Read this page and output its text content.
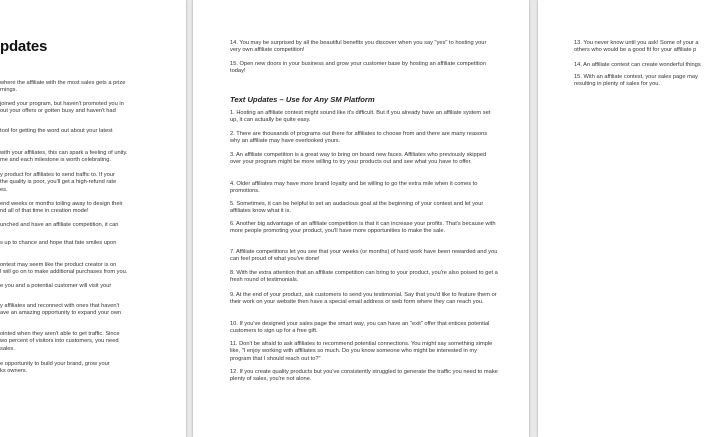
pdates

where the affiliate with the most sales gets a prize

rnings.

joined your program, but haven't promoted you in

out your offers or gotten busy and haven't had

tool for getting the word out about your latest

with your affiliates, this can spark a feeling of unity.

me and each milestone is worth celebrating.

y product for affiliates to send traffic to. If your

the quality is poor, you'll get a high-refund rate

es.

end weeks or months toiling away to design their

nd all of that time in creation mode!

unched and have an affiliate competition, it can

s up to chance and hope that fate smiles upon

ontest may seem like the product creator is on

l will go on to make additional purchases from you.

e you and a potential customer will visit your

y affiliates and reconnect with ones that haven't

ave an amazing opportunity to expand your own

ointed when they aren't able to get traffic. Since

wo percent of visitors into customers, you need

sales.

e opportunity to build your brand, grow your

ks owners.

14. You may be surprised by all the beautiful benefits you discover when you say "yes" to hosting your very own affiliate competition!

15. Open new doors in your business and grow your customer base by hosting an affiliate competition today!

Text Updates – Use for Any SM Platform

1. Hosting an affiliate contest might sound like it's difficult. But if you already have an affiliate system set up, it can actually be quite easy.

2. There are thousands of programs out there for affiliates to choose from and there are many reasons why an affiliate may have overlooked yours.

3. An affiliate competition is a great way to bring on board new faces. Affiliates who previously skipped over your program might be more willing to try your products out and see what you have to offer.

4. Older affiliates may have more brand loyalty and be willing to go the extra mile when it comes to promotions.

5. Sometimes, it can be helpful to set an audacious goal at the beginning of your contest and let your affiliates know what it is.

6. Another big advantage of an affiliate competition is that it can increase your profits. That's because with more people promoting your product, you'll have more opportunities to make the sale.

7. Affiliate competitions let you see that your weeks (or months) of hard work have been rewarded and you can feel proud of what you've done!

8. With the extra attention that an affiliate competition can bring to your product, you're also poised to get a fresh round of testimonials.

9. At the end of your product, ask customers to send you testimonial. Say that you'd like to feature them or their work on your website then have a special email address or web form where they can reach you.

10. If you've designed your sales page the smart way, you can have an "exit" offer that entices potential customers to sign up for a free gift.

11. Don't be afraid to ask affiliates to recommend potential connections. You might say something simple like, "I enjoy working with affiliates so much. Do you know someone who might be interested in my program that I should reach out to?"

12. If you create quality products but you've consistently struggled to generate the traffic you need to make plenty of sales, you're not alone.

13. You never know until you ask! Some of your a

others who would be a good fit for your affiliate p

14. An affiliate contest can create wonderful things

15. With an affiliate contest, your sales page may

resulting in plenty of sales for you.
